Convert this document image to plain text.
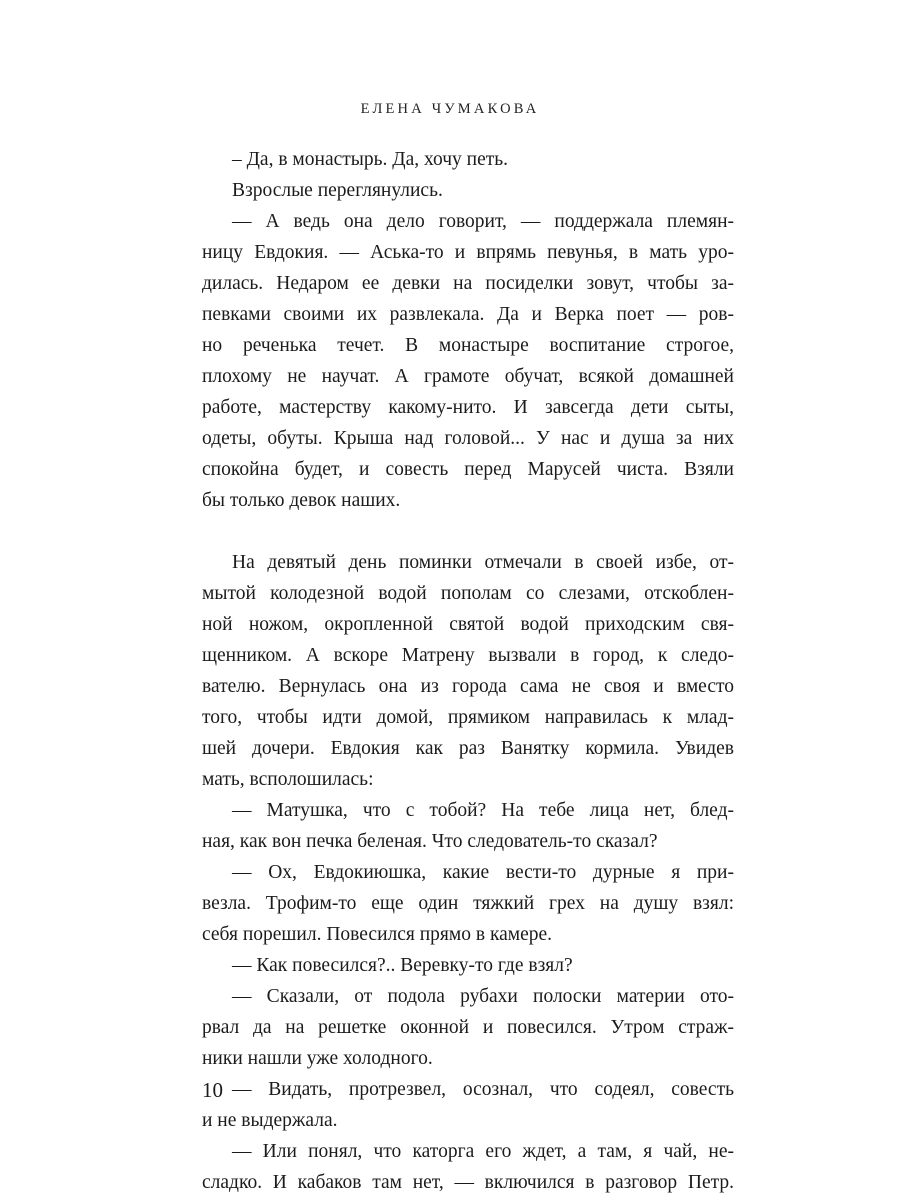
ЕЛЕНА ЧУМАКОВА
– Да, в монастырь. Да, хочу петь.
Взрослые переглянулись.
— А ведь она дело говорит, — поддержала племян-
ницу Евдокия. — Аська-то и впрямь певунья, в мать уро-
дилась. Недаром ее девки на посиделки зовут, чтобы за-
певками своими их развлекала. Да и Верка поет — ров-
но реченька течет. В монастыре воспитание строгое,
плохому не научат. А грамоте обучат, всякой домашней
работе, мастерству какому-нито. И завсегда дети сыты,
одеты, обуты. Крыша над головой... У нас и душа за них
спокойна будет, и совесть перед Марусей чиста. Взяли
бы только девок наших.
На девятый день поминки отмечали в своей избе, от-
мытой колодезной водой пополам со слезами, отскоблен-
ной ножом, окропленной святой водой приходским свя-
щенником. А вскоре Матрену вызвали в город, к следо-
вателю. Вернулась она из города сама не своя и вместо
того, чтобы идти домой, прямиком направилась к млад-
шей дочери. Евдокия как раз Ванятку кормила. Увидев
мать, всполошилась:
— Матушка, что с тобой? На тебе лица нет, блед-
ная, как вон печка беленая. Что следователь-то сказал?
— Ох, Евдокиюшка, какие вести-то дурные я при-
везла. Трофим-то еще один тяжкий грех на душу взял:
себя порешил. Повесился прямо в камере.
— Как повесился?.. Веревку-то где взял?
— Сказали, от подола рубахи полоски материи ото-
рвал да на решетке оконной и повесился. Утром страж-
ники нашли уже холодного.
— Видать, протрезвел, осознал, что содеял, совесть
и не выдержала.
— Или понял, что каторга его ждет, а там, я чай, не-
сладко. И кабаков там нет, — включился в разговор Петр.
10
